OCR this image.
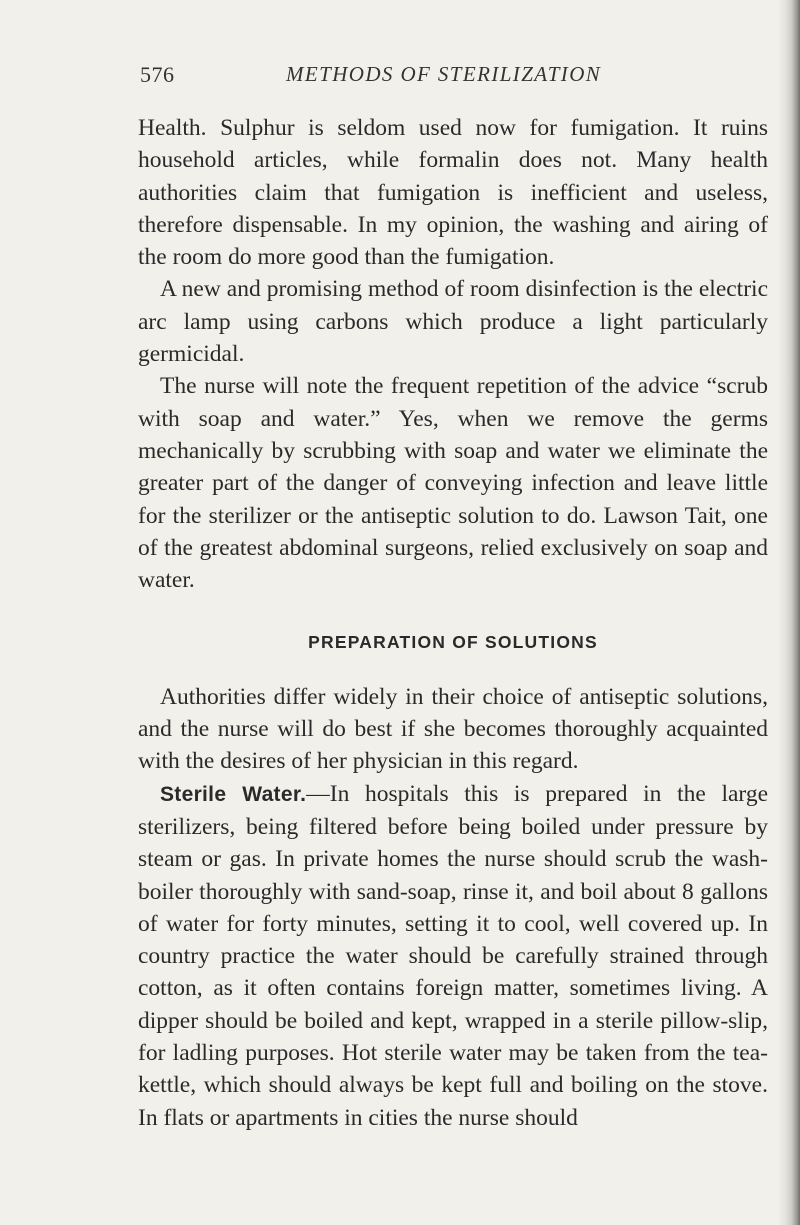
576	METHODS OF STERILIZATION

Health. Sulphur is seldom used now for fumigation. It ruins household articles, while formalin does not. Many health authorities claim that fumigation is inefficient and useless, therefore dispensable. In my opinion, the washing and airing of the room do more good than the fumigation.

A new and promising method of room disinfection is the electric arc lamp using carbons which produce a light particularly germicidal.

The nurse will note the frequent repetition of the advice “scrub with soap and water.” Yes, when we remove the germs mechanically by scrubbing with soap and water we eliminate the greater part of the danger of conveying infection and leave little for the sterilizer or the antiseptic solution to do. Lawson Tait, one of the greatest abdominal surgeons, relied exclusively on soap and water.

PREPARATION OF SOLUTIONS

Authorities differ widely in their choice of antiseptic solutions, and the nurse will do best if she becomes thoroughly acquainted with the desires of her physician in this regard.

Sterile Water.—In hospitals this is prepared in the large sterilizers, being filtered before being boiled under pressure by steam or gas. In private homes the nurse should scrub the wash-boiler thoroughly with sand-soap, rinse it, and boil about 8 gallons of water for forty minutes, setting it to cool, well covered up. In country practice the water should be carefully strained through cotton, as it often contains foreign matter, sometimes living. A dipper should be boiled and kept, wrapped in a sterile pillow-slip, for ladling purposes. Hot sterile water may be taken from the teakettle, which should always be kept full and boiling on the stove. In flats or apartments in cities the nurse should
